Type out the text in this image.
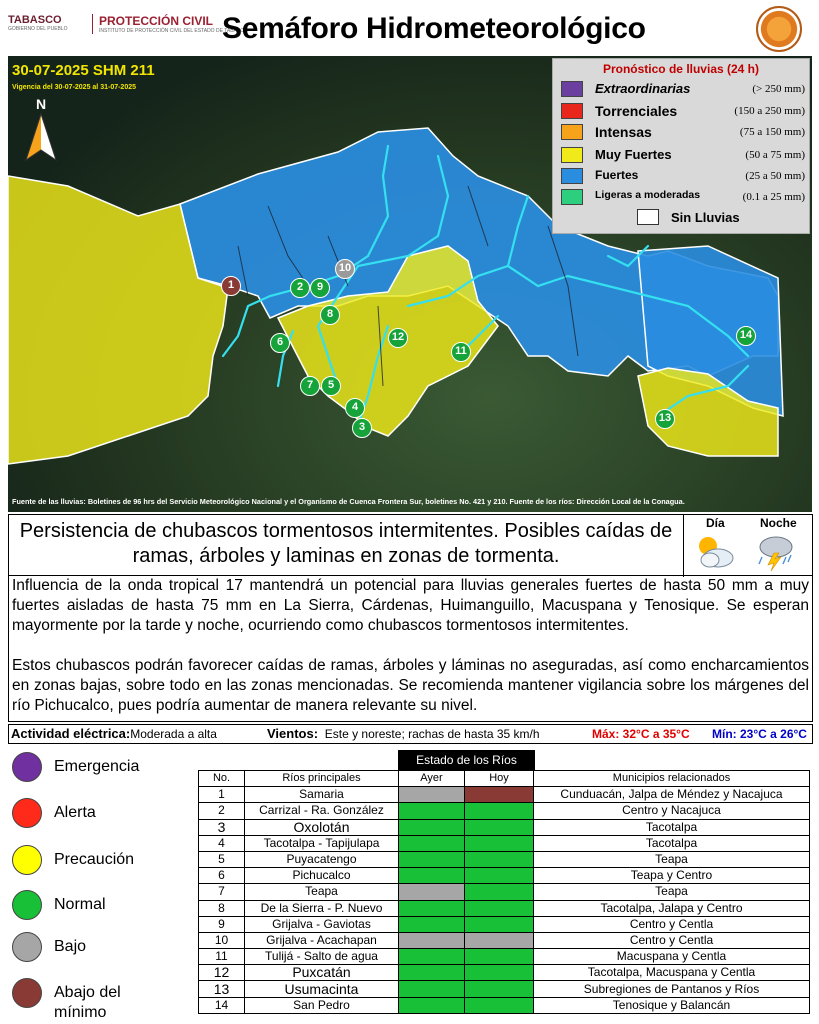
TABASCO
GOBIERNO DEL PUEBLO
PROTECCIÓN CIVIL
INSTITUTO DE PROTECCIÓN CIVIL DEL ESTADO DE TABASCO
Semáforo Hidrometeorológico
30-07-2025 SHM 211
Vigencia del 30-07-2025 al 31-07-2025
N
Pronóstico de lluvias (24 h)
Extraordinarias	(> 250 mm)
Torrenciales	(150 a 250 mm)
Intensas	(75 a 150 mm)
Muy Fuertes	(50 a 75 mm)
Fuertes	(25 a 50 mm)
Ligeras a moderadas	(0.1 a 25 mm)
Sin Lluvias
1	2	9
10
8
6	12
11
7	5
4
3
14
13
Fuente de las lluvias: Boletines de 96 hrs del Servicio Meteorológico Nacional y el Organismo de Cuenca Frontera Sur, boletines No. 421 y 210. Fuente de los ríos: Dirección Local de la Conagua.
Persistencia de chubascos tormentosos intermitentes. Posibles caídas de ramas, árboles y laminas en zonas de tormenta.
Día	Noche

Influencia de la onda tropical 17 mantendrá un potencial para lluvias generales fuertes de hasta 50 mm a muy fuertes aisladas de hasta 75 mm en La Sierra, Cárdenas, Huimanguillo, Macuspana y Tenosique. Se esperan mayormente por la tarde y noche, ocurriendo como chubascos tormentosos intermitentes.

Estos chubascos podrán favorecer caídas de ramas, árboles y láminas no aseguradas, así como encharcamientos en zonas bajas, sobre todo en las zonas mencionadas. Se recomienda mantener vigilancia sobre los márgenes del río Pichucalco, pues podría aumentar de manera relevante su nivel.

Actividad eléctrica:Moderada a alta	Vientos: Este y noreste; rachas de hasta 35 km/h	Máx: 32°C a 35°C Mín: 23°C a 26°C
Emergencia
Alerta
Precaución
Normal
Bajo
Abajo del mínimo
Estado de los Ríos
No.	Ríos principales	Ayer	Hoy	Municipios relacionados
1	Samaria			Cunduacán, Jalpa de Méndez y Nacajuca
2	Carrizal - Ra. González			Centro y Nacajuca
3	Oxolotán			Tacotalpa
4	Tacotalpa - Tapijulapa			Tacotalpa
5	Puyacatengo			Teapa
6	Pichucalco			Teapa y Centro
7	Teapa			Teapa
8	De la Sierra - P. Nuevo			Tacotalpa, Jalapa y Centro
9	Grijalva - Gaviotas			Centro y Centla
10	Grijalva - Acachapan			Centro y Centla
11	Tulijá - Salto de agua			Macuspana y Centla
12	Puxcatán			Tacotalpa, Macuspana y Centla
13	Usumacinta			Subregiones de Pantanos y Ríos
14	San Pedro			Tenosique y Balancán
